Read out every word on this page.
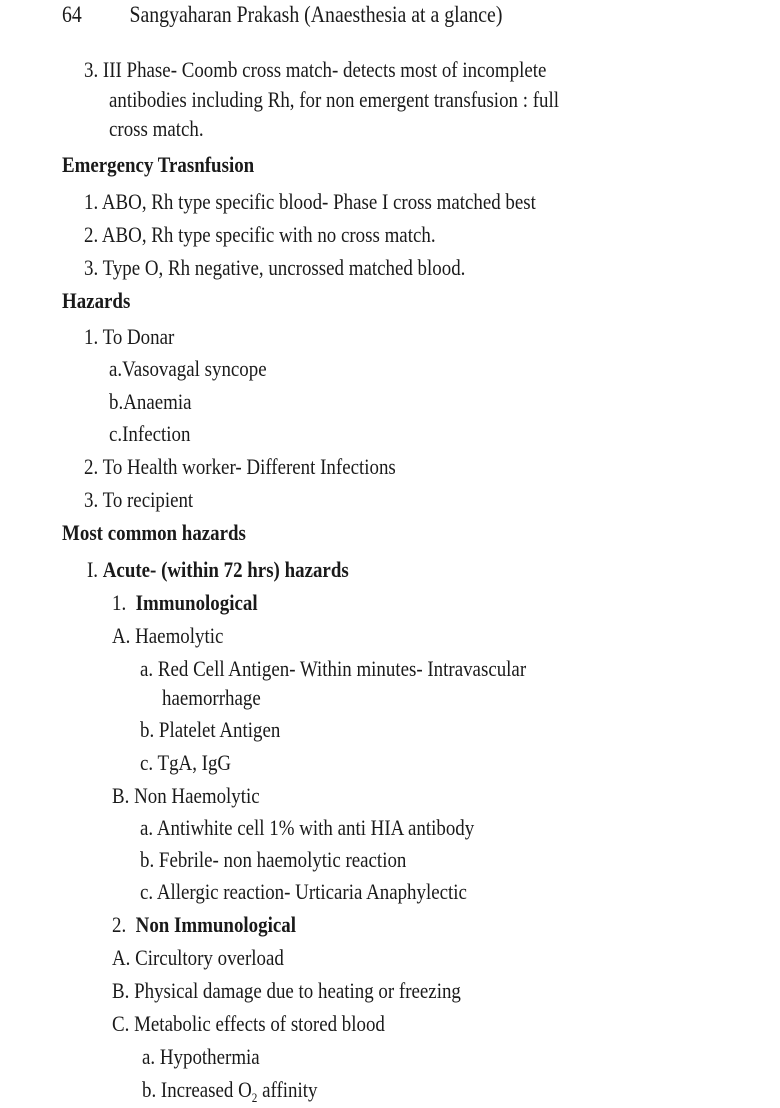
64 Sangyaharan Prakash (Anaesthesia at a glance)
3. III Phase- Coomb cross match- detects most of incomplete
antibodies including Rh, for non emergent transfusion : full
cross match.
Emergency Trasnfusion
1. ABO, Rh type specific blood- Phase I cross matched best
2. ABO, Rh type specific with no cross match.
3. Type O, Rh negative, uncrossed matched blood.
Hazards
1. To Donar
a.Vasovagal syncope
b.Anaemia
c.Infection
2. To Health worker- Different Infections
3. To recipient
Most common hazards
I. Acute- (within 72 hrs) hazards
1. Immunological
A. Haemolytic
a. Red Cell Antigen- Within minutes- Intravascular
haemorrhage
b. Platelet Antigen
c. TgA, IgG
B. Non Haemolytic
a. Antiwhite cell 1% with anti HIA antibody
b. Febrile- non haemolytic reaction
c. Allergic reaction- Urticaria Anaphylectic
2. Non Immunological
A. Circultory overload
B. Physical damage due to heating or freezing
C. Metabolic effects of stored blood
a. Hypothermia
b. Increased $O_2$ affinity
